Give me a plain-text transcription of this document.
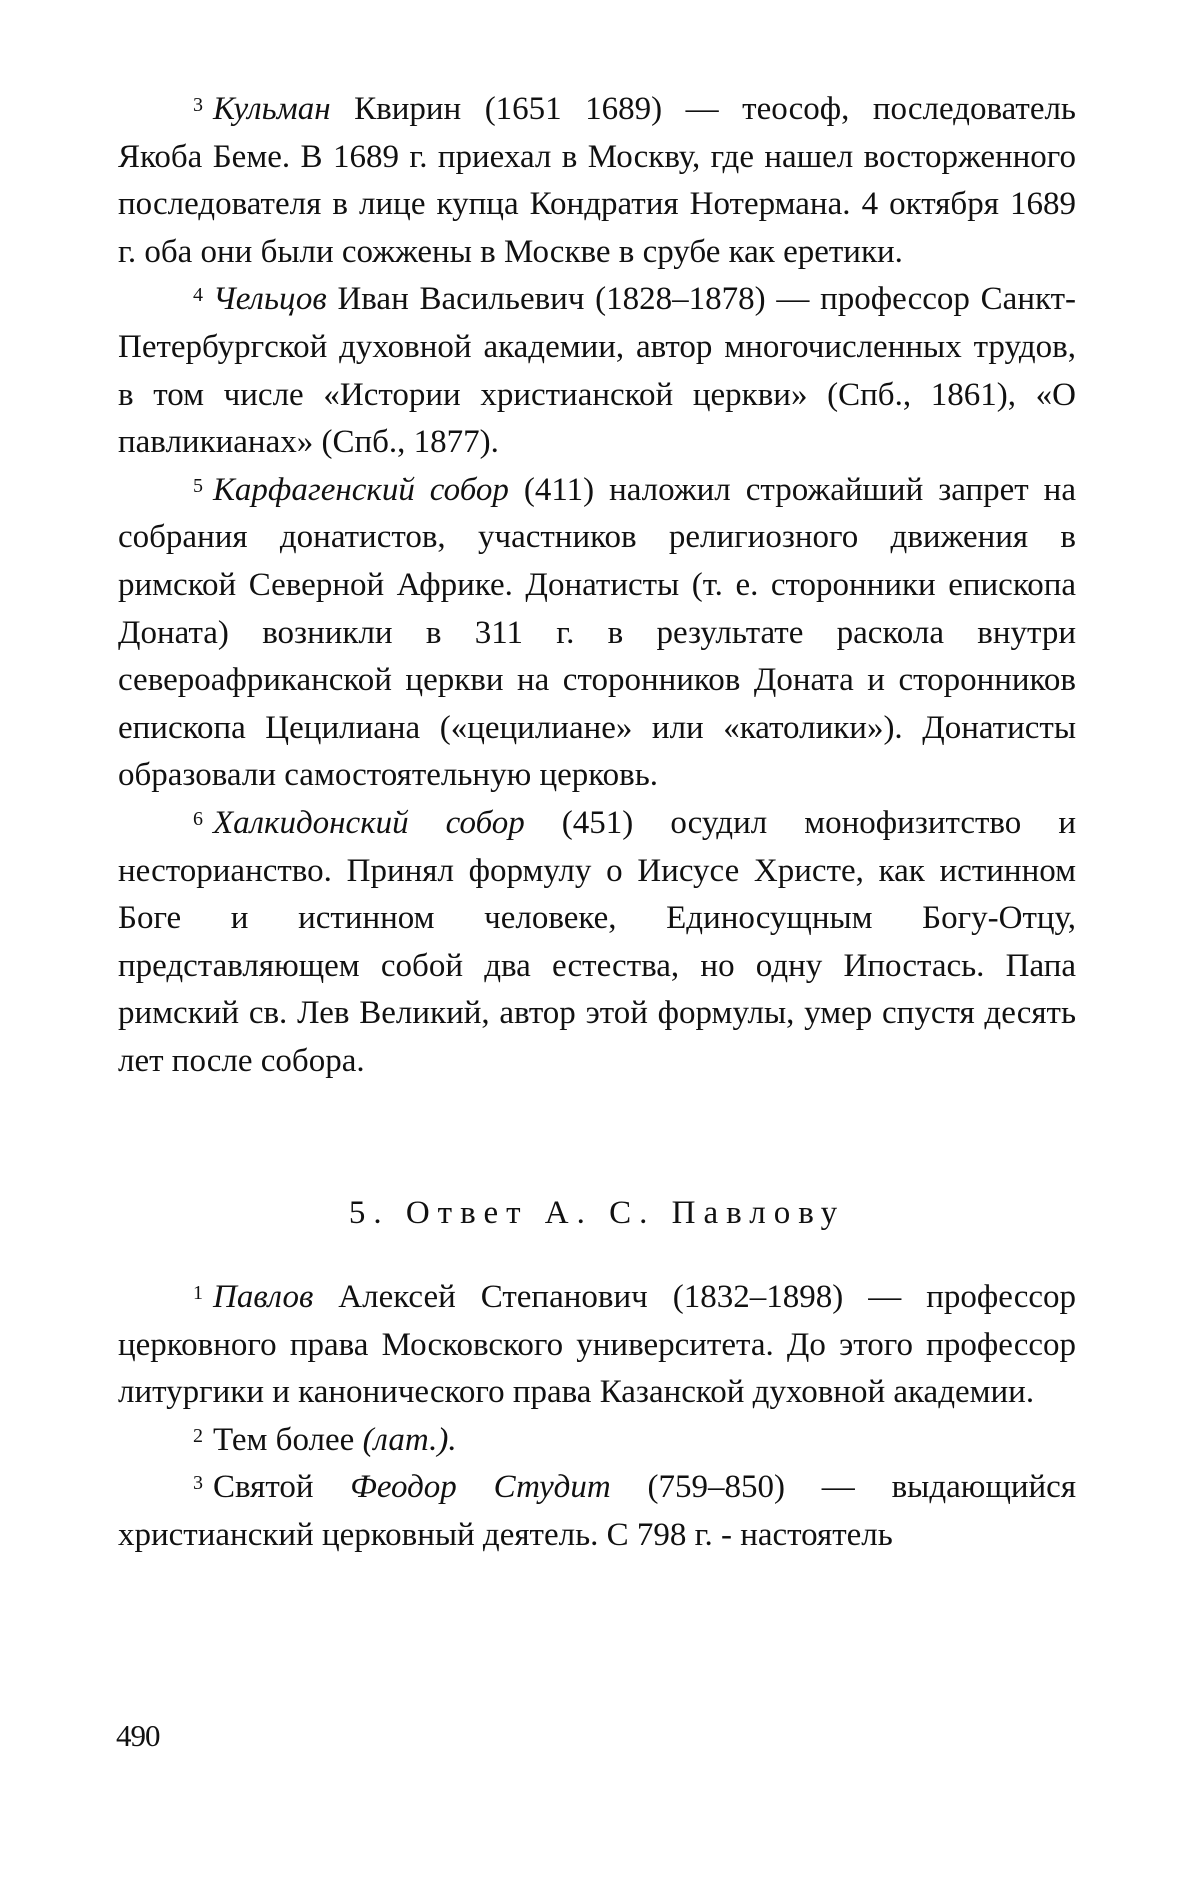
$^3$ Кульман Квирин (1651 1689) — теософ, последователь Якоба Беме. В 1689 г. приехал в Москву, где нашел восторженного последователя в лице купца Кондратия Нотермана. 4 октября 1689 г. оба они были сожжены в Москве в срубе как еретики.

$^4$ Чельцов Иван Васильевич (1828–1878) — профессор Санкт-Петербургской духовной академии, автор многочисленных трудов, в том числе «Истории христианской церкви» (Спб., 1861), «О павликианах» (Спб., 1877).

$^5$ Карфагенский собор (411) наложил строжайший запрет на собрания донатистов, участников религиозного движения в римской Северной Африке. Донатисты (т. е. сторонники епископа Доната) возникли в 311 г. в результате раскола внутри североафриканской церкви на сторонников Доната и сторонников епископа Цецилиана («цецилиане» или «католики»). Донатисты образовали самостоятельную церковь.

$^6$ Халкидонский собор (451) осудил монофизитство и несторианство. Принял формулу о Иисусе Христе, как истинном Боге и истинном человеке, Единосущным Богу-Отцу, представляющем собой два естества, но одну Ипостась. Папа римский св. Лев Великий, автор этой формулы, умер спустя десять лет после собора.

5. Ответ А. С. Павлову

$^1$ Павлов Алексей Степанович (1832–1898) — профессор церковного права Московского университета. До этого профессор литургики и канонического права Казанской духовной академии.

$^2$ Тем более (лат.).

$^3$ Святой Феодор Студит (759–850) — выдающийся христианский церковный деятель. С 798 г. - настоятель

490
